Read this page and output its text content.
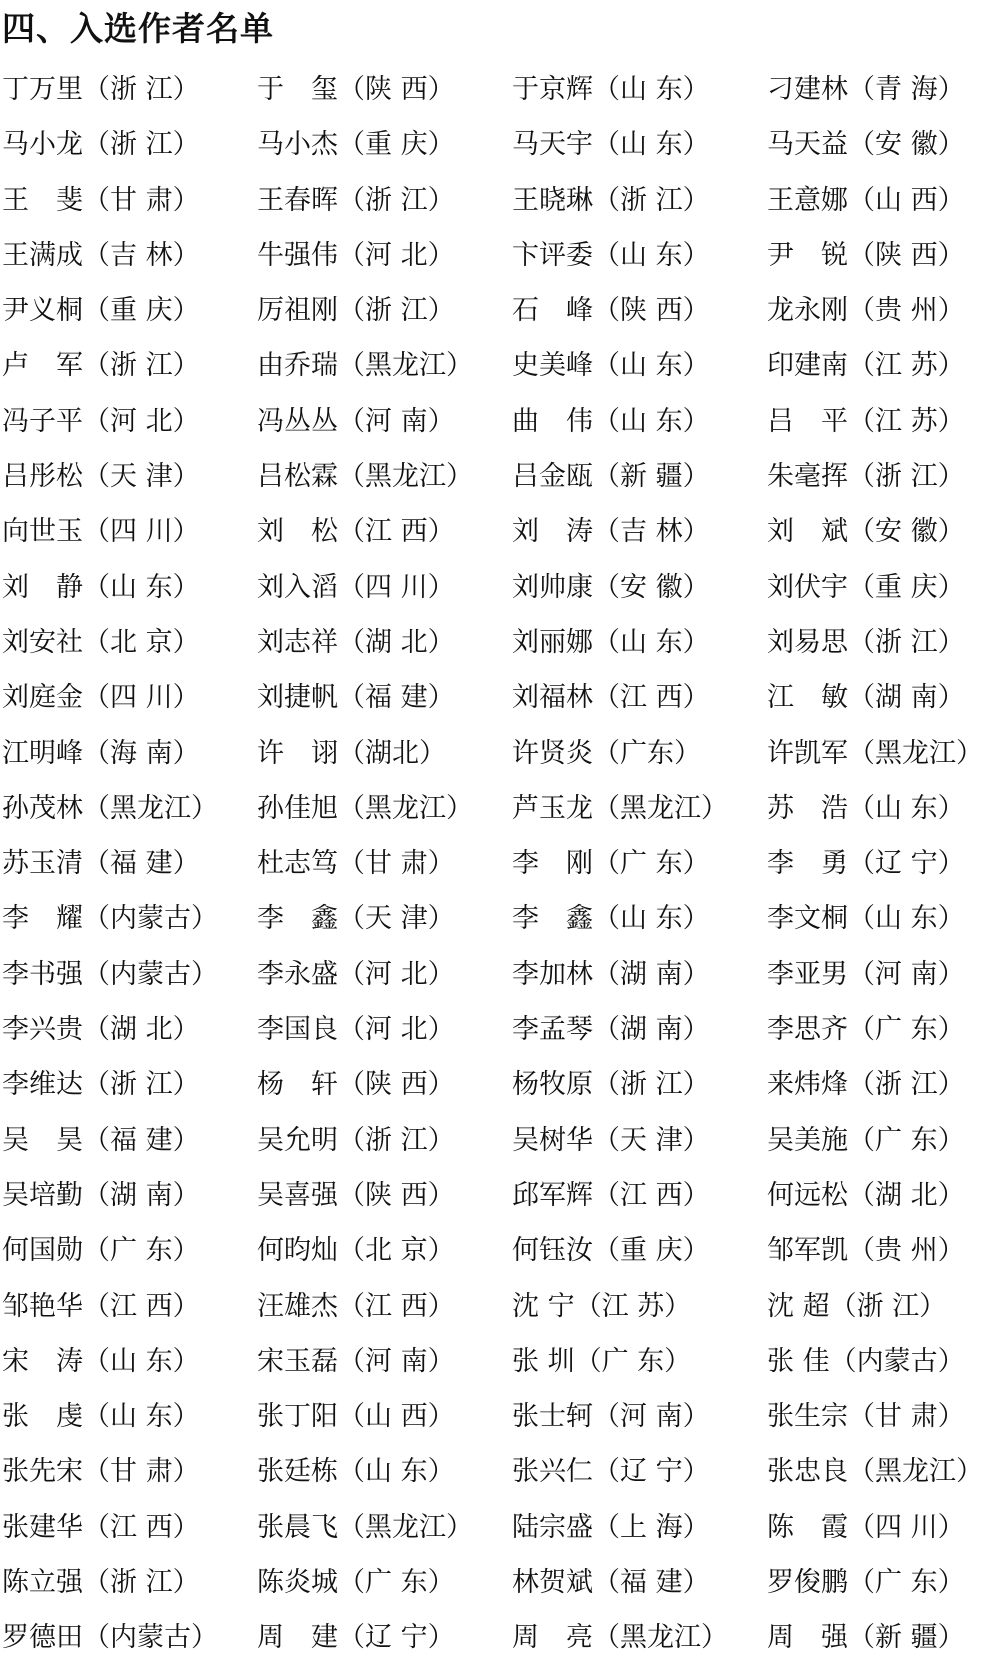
四、入选作者名单
丁万里（浙 江） 于　玺（陕 西） 于京辉（山 东） 刁建林（青 海）
马小龙（浙 江） 马小杰（重 庆） 马天宇（山 东） 马天益（安 徽）
王　斐（甘 肃） 王春晖（浙 江） 王晓琳（浙 江） 王意娜（山 西）
王满成（吉 林） 牛强伟（河 北） 卞评委（山 东） 尹　锐（陕 西）
尹义桐（重 庆） 厉祖刚（浙 江） 石　峰（陕 西） 龙永刚（贵 州）
卢　军（浙 江） 由乔瑞（黑龙江） 史美峰（山 东） 印建南（江 苏）
冯子平（河 北） 冯丛丛（河 南） 曲　伟（山 东） 吕　平（江 苏）
吕彤松（天 津） 吕松霖（黑龙江） 吕金瓯（新 疆） 朱毫挥（浙 江）
向世玉（四 川） 刘　松（江 西） 刘　涛（吉 林） 刘　斌（安 徽）
刘　静（山 东） 刘入滔（四 川） 刘帅康（安 徽） 刘伏宇（重 庆）
刘安社（北 京） 刘志祥（湖 北） 刘丽娜（山 东） 刘易思（浙 江）
刘庭金（四 川） 刘捷帆（福 建） 刘福林（江 西） 江　敏（湖 南）
江明峰（海 南） 许　诩（湖北） 许贤炎（广东） 许凯军（黑龙江）
孙茂林（黑龙江） 孙佳旭（黑龙江） 芦玉龙（黑龙江） 苏　浩（山 东）
苏玉清（福 建） 杜志笃（甘 肃） 李　刚（广 东） 李　勇（辽 宁）
李　耀（内蒙古） 李　鑫（天 津） 李　鑫（山 东） 李文桐（山 东）
李书强（内蒙古） 李永盛（河 北） 李加林（湖 南） 李亚男（河 南）
李兴贵（湖 北） 李国良（河 北） 李孟琴（湖 南） 李思齐（广 东）
李维达（浙 江） 杨　轩（陕 西） 杨牧原（浙 江） 来炜烽（浙 江）
吴　昊（福 建） 吴允明（浙 江） 吴树华（天 津） 吴美施（广 东）
吴培勤（湖 南） 吴喜强（陕 西） 邱军辉（江 西） 何远松（湖 北）
何国勋（广 东） 何昀灿（北 京） 何钰汝（重 庆） 邹军凯（贵 州）
邹艳华（江 西） 汪雄杰（江 西） 沈 宁（江 苏）	沈 超（浙 江）
宋　涛（山 东） 宋玉磊（河 南） 张 圳（广 东）	张 佳（内蒙古）
张　虔（山 东） 张丁阳（山 西） 张士轲（河 南） 张生宗（甘 肃）
张先宋（甘 肃） 张廷栋（山 东） 张兴仁（辽 宁） 张忠良（黑龙江）
张建华（江 西） 张晨飞（黑龙江） 陆宗盛（上 海） 陈　霞（四 川）
陈立强（浙 江） 陈炎城（广 东） 林贺斌（福 建） 罗俊鹏（广 东）
罗德田（内蒙古） 周　建（辽 宁） 周　亮（黑龙江） 周　强（新 疆）
